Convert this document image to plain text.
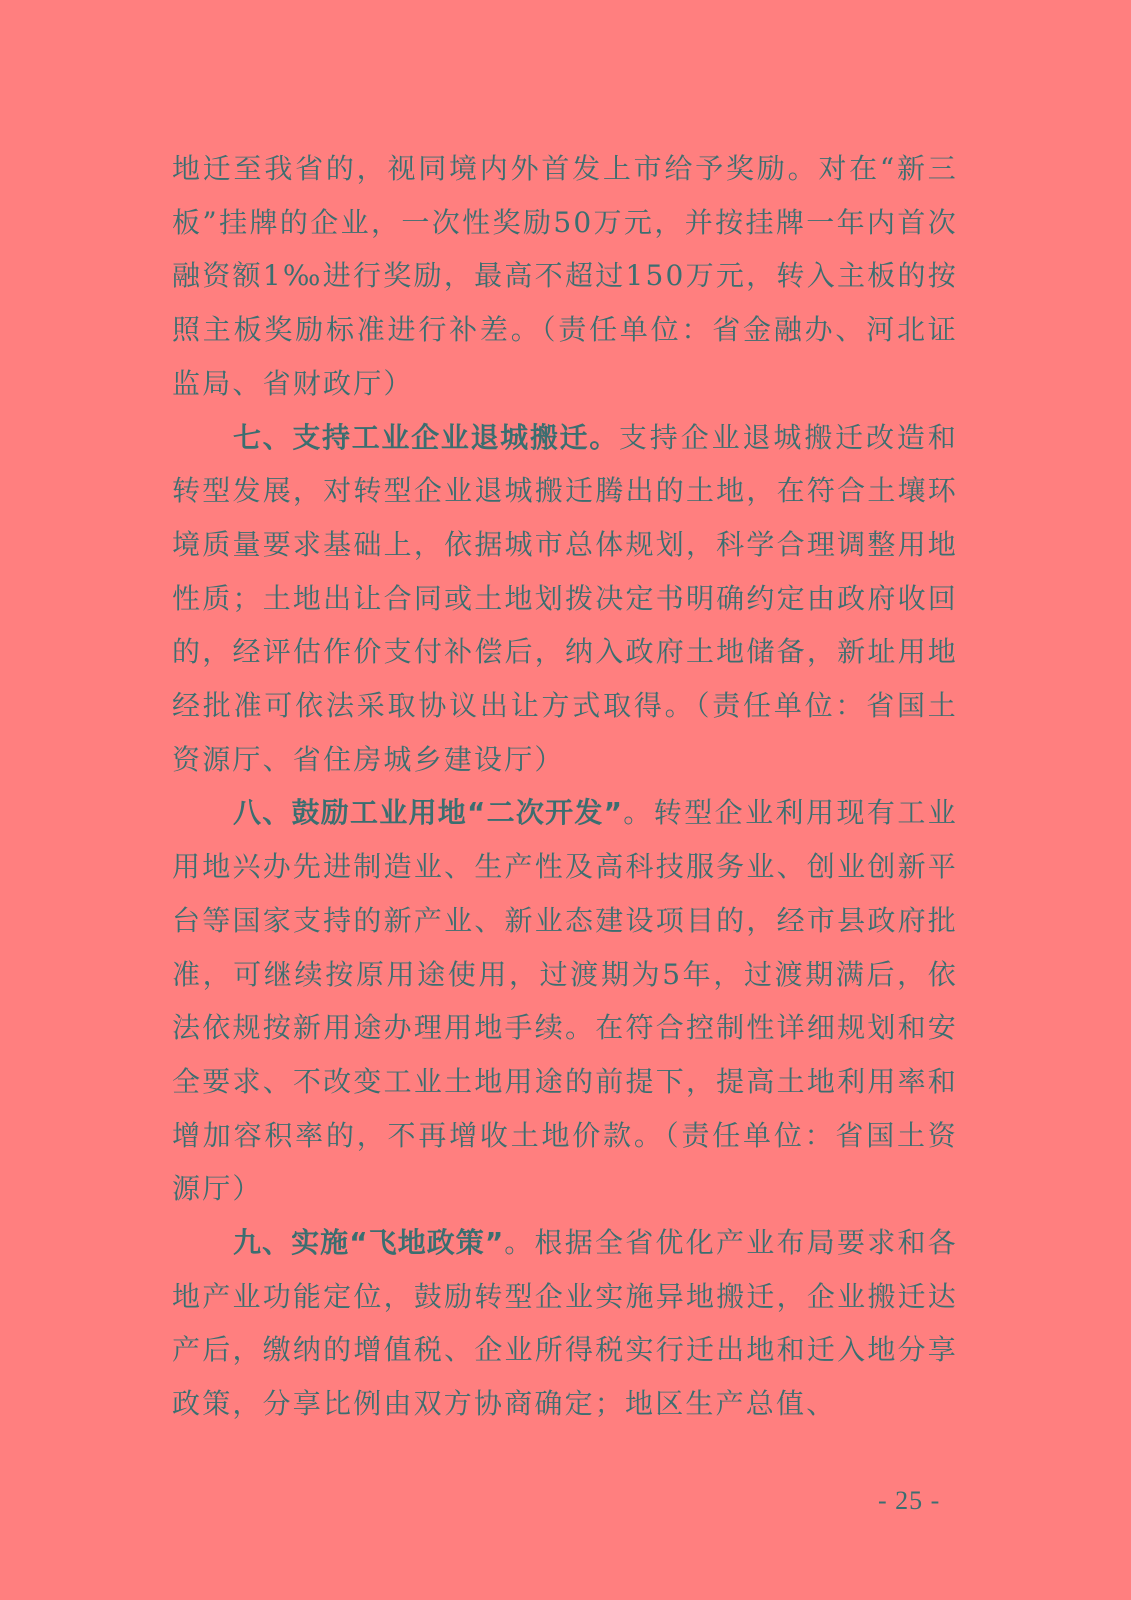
地迁至我省的，视同境内外首发上市给予奖励。对在“新三板”挂牌的企业，一次性奖励50万元，并按挂牌一年内首次融资额1‰进行奖励，最高不超过150万元，转入主板的按照主板奖励标准进行补差。（责任单位：省金融办、河北证监局、省财政厅）

七、支持工业企业退城搬迁。支持企业退城搬迁改造和转型发展，对转型企业退城搬迁腾出的土地，在符合土壤环境质量要求基础上，依据城市总体规划，科学合理调整用地性质；土地出让合同或土地划拨决定书明确约定由政府收回的，经评估作价支付补偿后，纳入政府土地储备，新址用地经批准可依法采取协议出让方式取得。（责任单位：省国土资源厅、省住房城乡建设厅）

八、鼓励工业用地“二次开发”。转型企业利用现有工业用地兴办先进制造业、生产性及高科技服务业、创业创新平台等国家支持的新产业、新业态建设项目的，经市县政府批准，可继续按原用途使用，过渡期为5年，过渡期满后，依法依规按新用途办理用地手续。在符合控制性详细规划和安全要求、不改变工业土地用途的前提下，提高土地利用率和增加容积率的，不再增收土地价款。（责任单位：省国土资源厅）

九、实施“飞地政策”。根据全省优化产业布局要求和各地产业功能定位，鼓励转型企业实施异地搬迁，企业搬迁达产后，缴纳的增值税、企业所得税实行迁出地和迁入地分享政策，分享比例由双方协商确定；地区生产总值、

- 25 -
